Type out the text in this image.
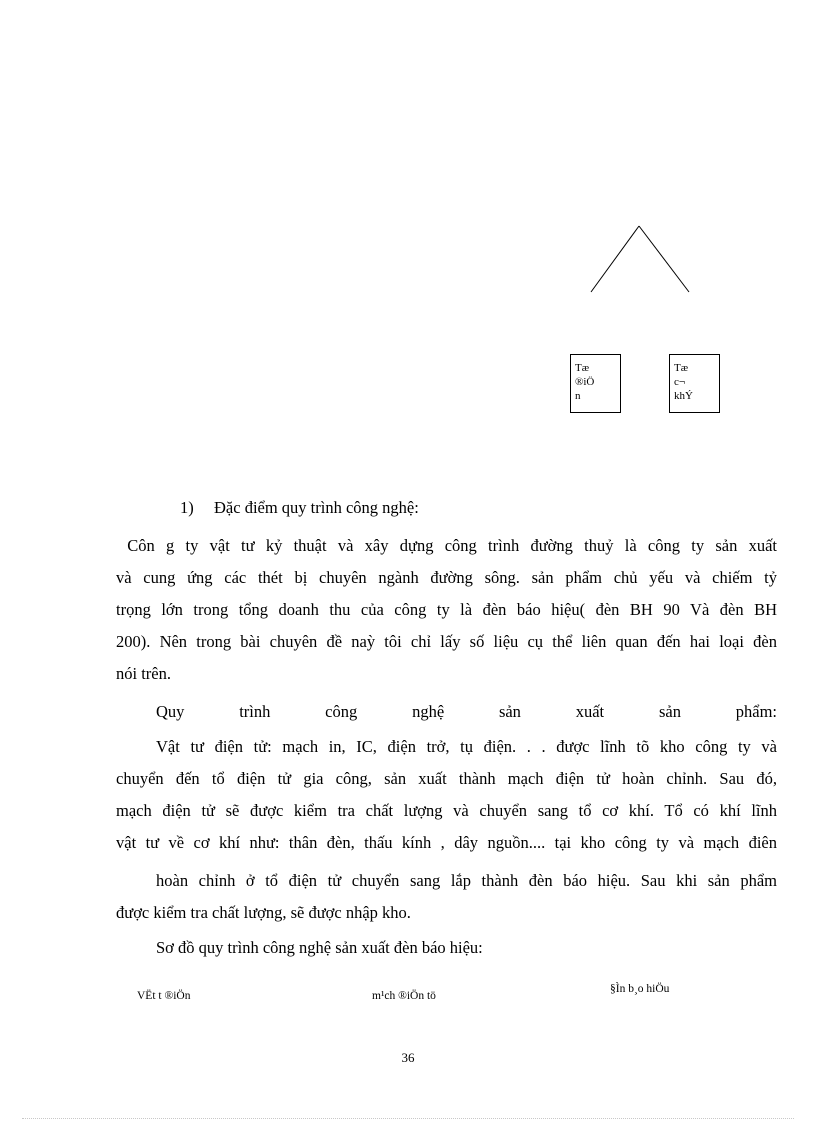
Tæ
®iÖ
n
Tæ
c¬
khÝ
1) Đặc điểm quy trình công nghệ:

Côn g ty vật tư kỷ thuật và xây dựng công trình đường thuỷ là công ty sản xuất

và cung ứng các thét bị chuyên ngành đường sông. sản phẩm chủ yếu và chiếm tỷ

trọng lớn trong tổng doanh thu của công ty là đèn báo hiệu( đèn BH 90 Và đèn BH

200). Nên trong bài chuyên đề naỳ tôi chỉ lấy số liệu cụ thể liên quan đến hai loại đèn

nói trên.

Quy trình công nghệ sản xuất sản phẩm:

Vật tư điện tử: mạch in, IC, điện trở, tụ điện. . . được lĩnh tõ kho công ty và

chuyển đến tổ điện tử gia công, sản xuất thành mạch điện tử hoàn chỉnh. Sau đó,

mạch điện tử sẽ được kiểm tra chất lượng và chuyển sang tổ cơ khí. Tổ có khí lĩnh

vật tư về cơ khí như: thân đèn, thấu kính , dây nguồn.... tại kho công ty và mạch điên

hoàn chỉnh ở tổ điện tử chuyển sang lắp thành đèn báo hiệu. Sau khi sản phẩm

được kiểm tra chất lượng, sẽ được nhập kho.

Sơ đồ quy trình công nghệ sản xuất đèn báo hiệu:

VËt t ®iÖn	m¹ch ®iÖn tö
§Ìn b¸o hiÖu
36
